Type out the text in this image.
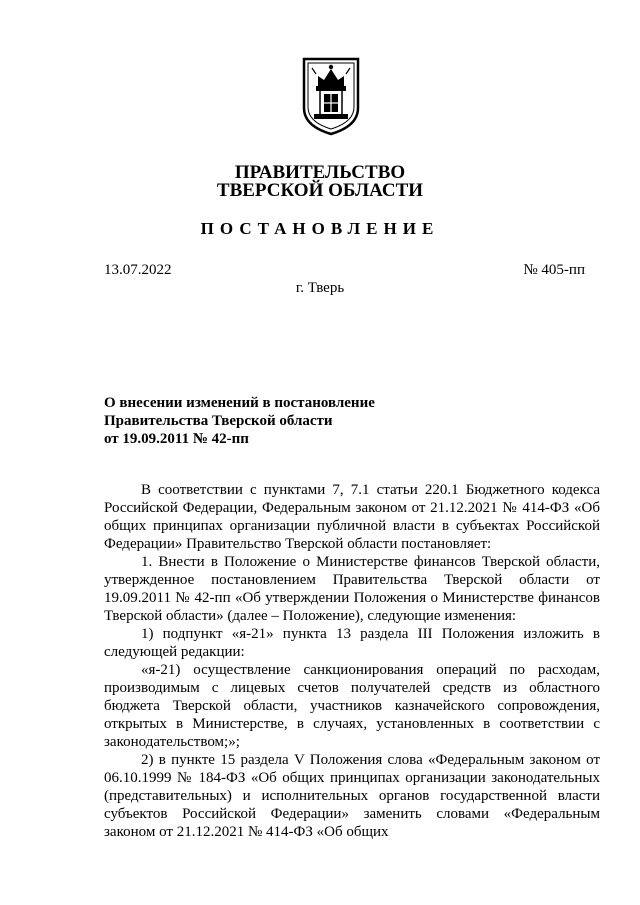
ПРАВИТЕЛЬСТВО
ТВЕРСКОЙ ОБЛАСТИ
ПОСТАНОВЛЕНИЕ
13.07.2022	№ 405-пп
г. Тверь
О внесении изменений в постановление
Правительства Тверской области
от 19.09.2011 № 42-пп

В соответствии с пунктами 7, 7.1 статьи 220.1 Бюджетного кодекса Российской Федерации, Федеральным законом от 21.12.2021 № 414-ФЗ «Об общих принципах организации публичной власти в субъектах Российской Федерации» Правительство Тверской области постановляет:

1. Внести в Положение о Министерстве финансов Тверской области, утвержденное постановлением Правительства Тверской области от 19.09.2011 № 42-пп «Об утверждении Положения о Министерстве финансов Тверской области» (далее – Положение), следующие изменения:

1) подпункт «я-21» пункта 13 раздела III Положения изложить в следующей редакции:

«я-21) осуществление санкционирования операций по расходам, производимым с лицевых счетов получателей средств из областного бюджета Тверской области, участников казначейского сопровождения, открытых в Министерстве, в случаях, установленных в соответствии с законодательством;»;

2) в пункте 15 раздела V Положения слова «Федеральным законом от 06.10.1999 № 184-ФЗ «Об общих принципах организации законодательных (представительных) и исполнительных органов государственной власти субъектов Российской Федерации» заменить словами «Федеральным законом от 21.12.2021 № 414-ФЗ «Об общих
